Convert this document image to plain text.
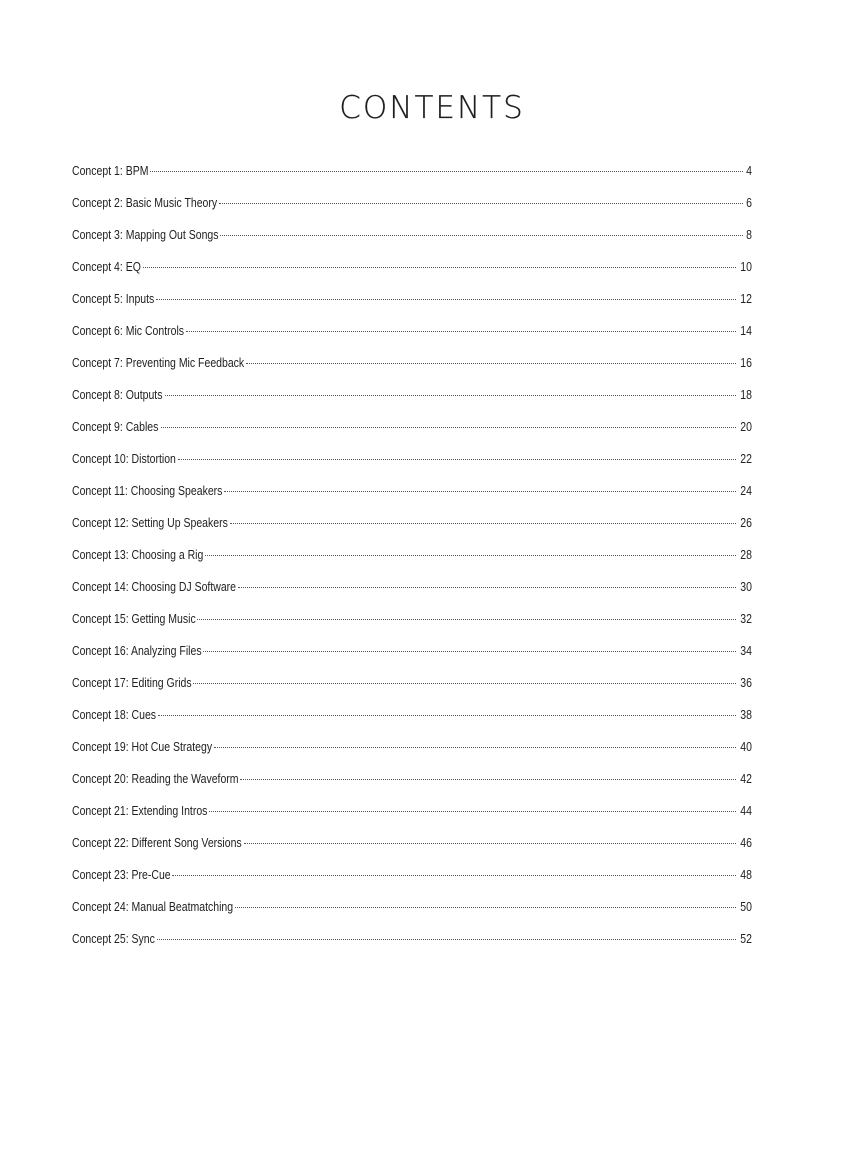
CONTENTS
Concept 1: BPM	4
Concept 2: Basic Music Theory	6
Concept 3: Mapping Out Songs	8
Concept 4: EQ	10
Concept 5: Inputs	12
Concept 6: Mic Controls	14
Concept 7: Preventing Mic Feedback	16
Concept 8: Outputs	18
Concept 9: Cables	20
Concept 10: Distortion	22
Concept 11: Choosing Speakers	24
Concept 12: Setting Up Speakers	26
Concept 13: Choosing a Rig	28
Concept 14: Choosing DJ Software	30
Concept 15: Getting Music	32
Concept 16: Analyzing Files	34
Concept 17: Editing Grids	36
Concept 18: Cues	38
Concept 19: Hot Cue Strategy	40
Concept 20: Reading the Waveform	42
Concept 21: Extending Intros	44
Concept 22: Different Song Versions	46
Concept 23: Pre-Cue	48
Concept 24: Manual Beatmatching	50
Concept 25: Sync	52
